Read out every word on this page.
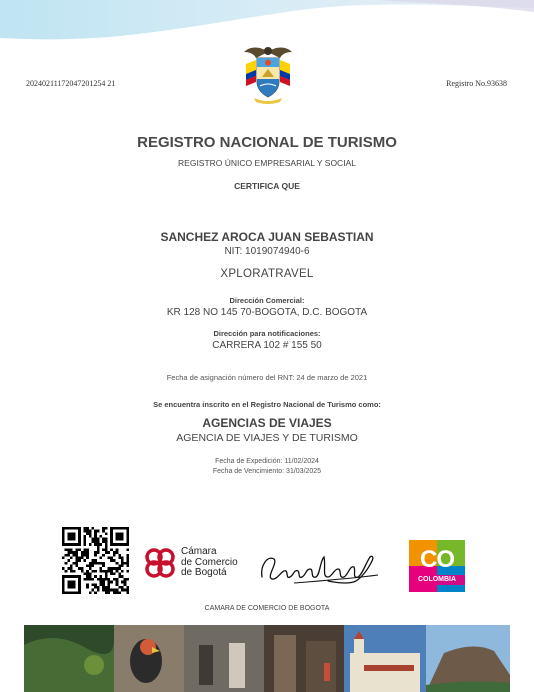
20240211172047201254 21	Registro No.93638
REGISTRO NACIONAL DE TURISMO
REGISTRO ÚNICO EMPRESARIAL Y SOCIAL
CERTIFICA QUE
SANCHEZ AROCA JUAN SEBASTIAN
NIT: 1019074940-6
XPLORATRAVEL
Dirección Comercial:
KR 128 NO 145 70-BOGOTA, D.C. BOGOTA
Dirección para notificaciones:
CARRERA 102 # 155 50
Fecha de asignación número del RNT: 24 de marzo de 2021
Se encuentra inscrito en el Registro Nacional de Turismo como:
AGENCIAS DE VIAJES
AGENCIA DE VIAJES Y DE TURISMO
Fecha de Expedición: 11/02/2024
Fecha de Vencimiento: 31/03/2025
Cámara
de Comercio
de Bogotá	CO
COLOMBIA
CAMARA DE COMERCIO DE BOGOTA
